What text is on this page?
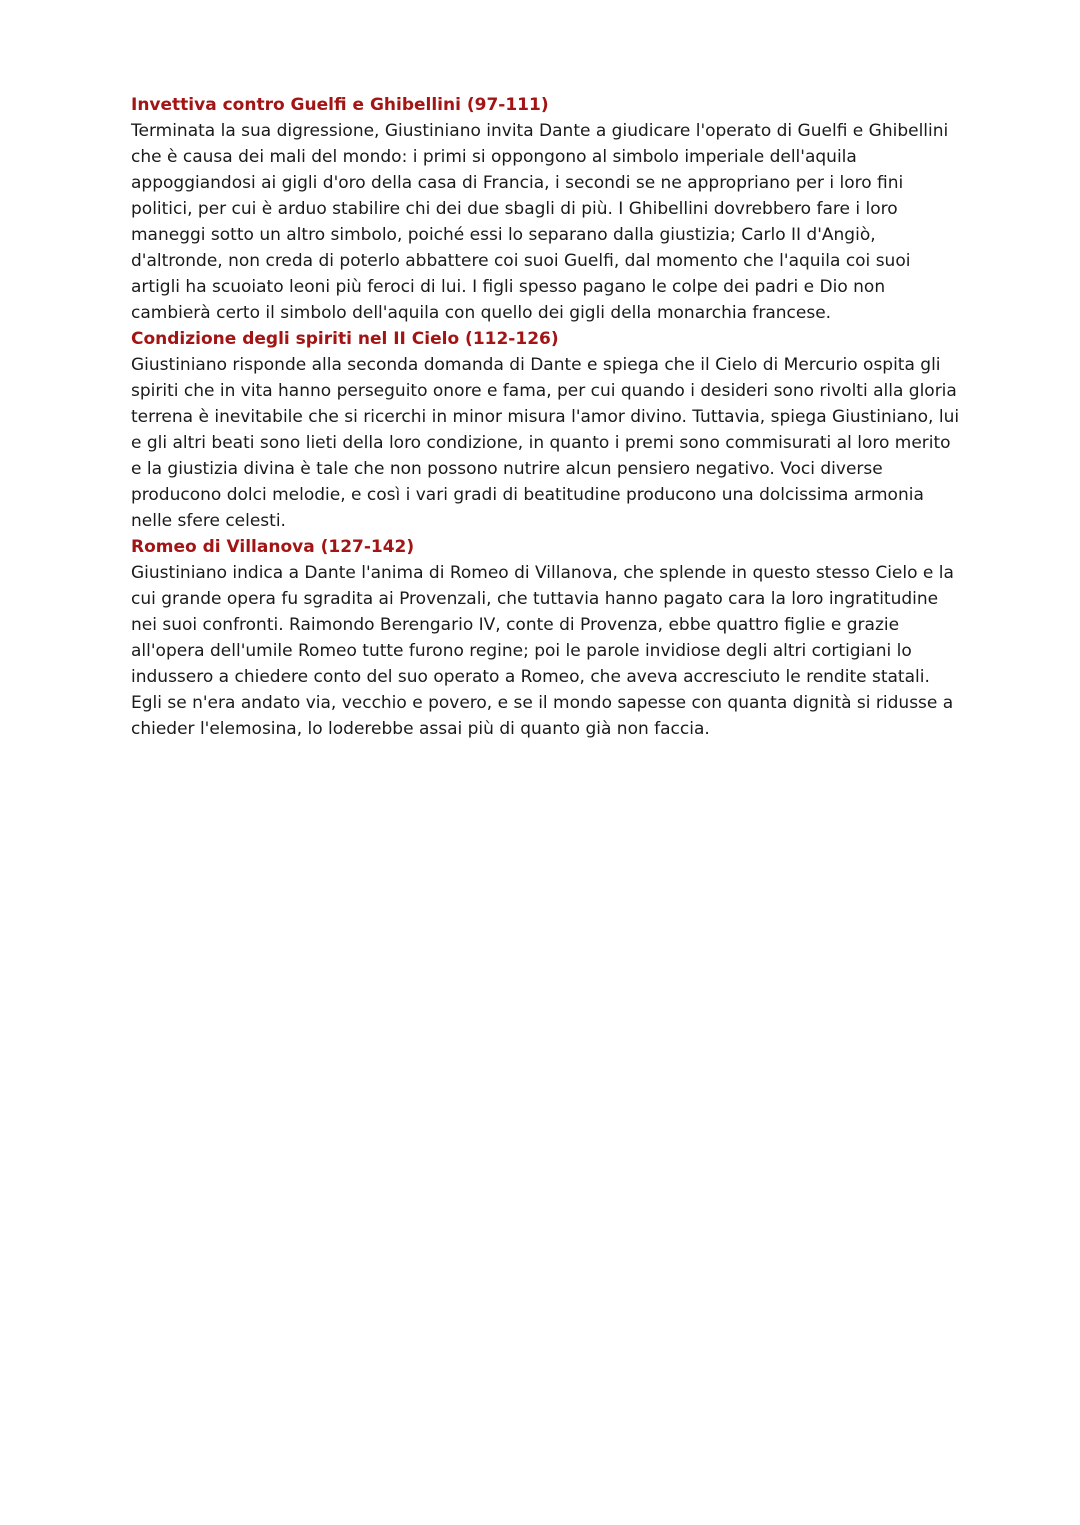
Invettiva contro Guelfi e Ghibellini (97-111)

Terminata la sua digressione, Giustiniano invita Dante a giudicare l'operato di Guelfi e Ghibellini che è causa dei mali del mondo: i primi si oppongono al simbolo imperiale dell'aquila appoggiandosi ai gigli d'oro della casa di Francia, i secondi se ne appropriano per i loro fini politici, per cui è arduo stabilire chi dei due sbagli di più. I Ghibellini dovrebbero fare i loro maneggi sotto un altro simbolo, poiché essi lo separano dalla giustizia; Carlo II d'Angiò, d'altronde, non creda di poterlo abbattere coi suoi Guelfi, dal momento che l'aquila coi suoi artigli ha scuoiato leoni più feroci di lui. I figli spesso pagano le colpe dei padri e Dio non cambierà certo il simbolo dell'aquila con quello dei gigli della monarchia francese.

Condizione degli spiriti nel II Cielo (112-126)

Giustiniano risponde alla seconda domanda di Dante e spiega che il Cielo di Mercurio ospita gli spiriti che in vita hanno perseguito onore e fama, per cui quando i desideri sono rivolti alla gloria terrena è inevitabile che si ricerchi in minor misura l'amor divino. Tuttavia, spiega Giustiniano, lui e gli altri beati sono lieti della loro condizione, in quanto i premi sono commisurati al loro merito e la giustizia divina è tale che non possono nutrire alcun pensiero negativo. Voci diverse producono dolci melodie, e così i vari gradi di beatitudine producono una dolcissima armonia nelle sfere celesti.

Romeo di Villanova (127-142)

Giustiniano indica a Dante l'anima di Romeo di Villanova, che splende in questo stesso Cielo e la cui grande opera fu sgradita ai Provenzali, che tuttavia hanno pagato cara la loro ingratitudine nei suoi confronti. Raimondo Berengario IV, conte di Provenza, ebbe quattro figlie e grazie all'opera dell'umile Romeo tutte furono regine; poi le parole invidiose degli altri cortigiani lo indussero a chiedere conto del suo operato a Romeo, che aveva accresciuto le rendite statali. Egli se n'era andato via, vecchio e povero, e se il mondo sapesse con quanta dignità si ridusse a chieder l'elemosina, lo loderebbe assai più di quanto già non faccia.
